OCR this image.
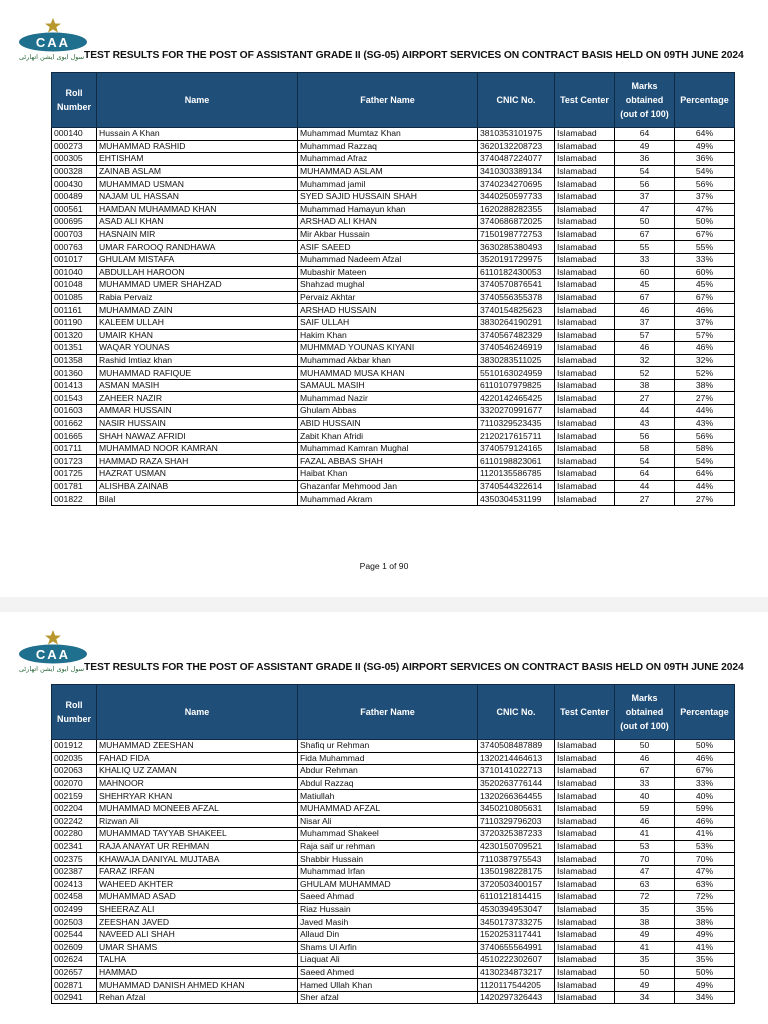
CAA
سول ایوی ایشن اتھارٹی TEST RESULTS FOR THE POST OF ASSISTANT GRADE II (SG-05) AIRPORT SERVICES ON CONTRACT BASIS HELD ON 09TH JUNE 2024
Roll Number	Name	Father Name	CNIC No.	Test Center	Marks obtained (out of 100)	Percentage
000140	Hussain A Khan	Muhammad Mumtaz Khan	3810353101975	Islamabad	64	64%
000273	MUHAMMAD RASHID	Muhammad Razzaq	3620132208723	Islamabad	49	49%
000305	EHTISHAM	Muhammad Afraz	3740487224077	Islamabad	36	36%
000328	ZAINAB ASLAM	MUHAMMAD ASLAM	3410303389134	Islamabad	54	54%
000430	MUHAMMAD USMAN	Muhammad jamil	3740234270695	Islamabad	56	56%
000489	NAJAM UL HASSAN	SYED SAJID HUSSAIN SHAH	3440250597733	Islamabad	37	37%
000561	HAMDAN MUHAMMAD KHAN	Muhammad Hamayun khan	1620288282355	Islamabad	47	47%
000695	ASAD ALI KHAN	ARSHAD ALI KHAN	3740686872025	Islamabad	50	50%
000703	HASNAIN MIR	Mir Akbar Hussain	7150198772753	Islamabad	67	67%
000763	UMAR FAROOQ RANDHAWA	ASIF SAEED	3630285380493	Islamabad	55	55%
001017	GHULAM MISTAFA	Muhammad Nadeem Afzal	3520191729975	Islamabad	33	33%
001040	ABDULLAH HAROON	Mubashir Mateen	6110182430053	Islamabad	60	60%
001048	MUHAMMAD UMER SHAHZAD	Shahzad mughal	3740570876541	Islamabad	45	45%
001085	Rabia Pervaiz	Pervaiz Akhtar	3740556355378	Islamabad	67	67%
001161	MUHAMMAD ZAIN	ARSHAD HUSSAIN	3740154825623	Islamabad	46	46%
001190	KALEEM ULLAH	SAIF ULLAH	3830264190291	Islamabad	37	37%
001320	UMAIR KHAN	Hakim Khan	3740567482329	Islamabad	57	57%
001351	WAQAR YOUNAS	MUHMMAD YOUNAS KIYANI	3740546246919	Islamabad	46	46%
001358	Rashid Imtiaz khan	Muhammad Akbar khan	3830283511025	Islamabad	32	32%
001360	MUHAMMAD RAFIQUE	MUHAMMAD MUSA KHAN	5510163024959	Islamabad	52	52%
001413	ASMAN MASIH	SAMAUL MASIH	6110107979825	Islamabad	38	38%
001543	ZAHEER NAZIR	Muhammad Nazir	4220142465425	Islamabad	27	27%
001603	AMMAR HUSSAIN	Ghulam Abbas	3320270991677	Islamabad	44	44%
001662	NASIR HUSSAIN	ABID HUSSAIN	7110329523435	Islamabad	43	43%
001665	SHAH NAWAZ AFRIDI	Zabit Khan Afridi	2120217615711	Islamabad	56	56%
001711	MUHAMMAD NOOR KAMRAN	Muhammad Kamran Mughal	3740579124165	Islamabad	58	58%
001723	HAMMAD RAZA SHAH	FAZAL ABBAS SHAH	6110198823061	Islamabad	54	54%
001725	HAZRAT USMAN	Haibat Khan	1120135586785	Islamabad	64	64%
001781	ALISHBA ZAINAB	Ghazanfar Mehmood Jan	3740544322614	Islamabad	44	44%
001822	Bilal	Muhammad Akram	4350304531199	Islamabad	27	27%
Page 1 of 90
CAA
سول ایوی ایشن اتھارٹی TEST RESULTS FOR THE POST OF ASSISTANT GRADE II (SG-05) AIRPORT SERVICES ON CONTRACT BASIS HELD ON 09TH JUNE 2024
Roll Number	Name	Father Name	CNIC No.	Test Center	Marks obtained (out of 100)	Percentage
001912	MUHAMMAD ZEESHAN	Shafiq ur Rehman	3740508487889	Islamabad	50	50%
002035	FAHAD FIDA	Fida Muhammad	1320214464613	Islamabad	46	46%
002063	KHALIQ UZ ZAMAN	Abdur Rehman	3710141022713	Islamabad	67	67%
002070	MAHNOOR	Abdul Razzaq	3520263776144	Islamabad	33	33%
002159	SHEHRYAR KHAN	Matiullah	1320266364455	Islamabad	40	40%
002204	MUHAMMAD MONEEB AFZAL	MUHAMMAD AFZAL	3450210805631	Islamabad	59	59%
002242	Rizwan Ali	Nisar Ali	7110329796203	Islamabad	46	46%
002280	MUHAMMAD TAYYAB SHAKEEL	Muhammad Shakeel	3720325387233	Islamabad	41	41%
002341	RAJA ANAYAT UR REHMAN	Raja saif ur rehman	4230150709521	Islamabad	53	53%
002375	KHAWAJA DANIYAL MUJTABA	Shabbir Hussain	7110387975543	Islamabad	70	70%
002387	FARAZ IRFAN	Muhammad Irfan	1350198228175	Islamabad	47	47%
002413	WAHEED AKHTER	GHULAM MUHAMMAD	3720503400157	Islamabad	63	63%
002458	MUHAMMAD ASAD	Saeed Ahmad	6110121814415	Islamabad	72	72%
002499	SHEERAZ ALI	Riaz Hussain	4530394953047	Islamabad	35	35%
002503	ZEESHAN JAVED	Javed Masih	3450173733275	Islamabad	38	38%
002544	NAVEED ALI SHAH	Allaud Din	1520253117441	Islamabad	49	49%
002609	UMAR SHAMS	Shams Ul Arfin	3740655564991	Islamabad	41	41%
002624	TALHA	Liaquat Ali	4510222302607	Islamabad	35	35%
002657	HAMMAD	Saeed Ahmed	4130234873217	Islamabad	50	50%
002871	MUHAMMAD DANISH AHMED KHAN	Hamed Ullah Khan	1120117544205	Islamabad	49	49%
002941	Rehan Afzal	Sher afzal	1420297326443	Islamabad	34	34%
